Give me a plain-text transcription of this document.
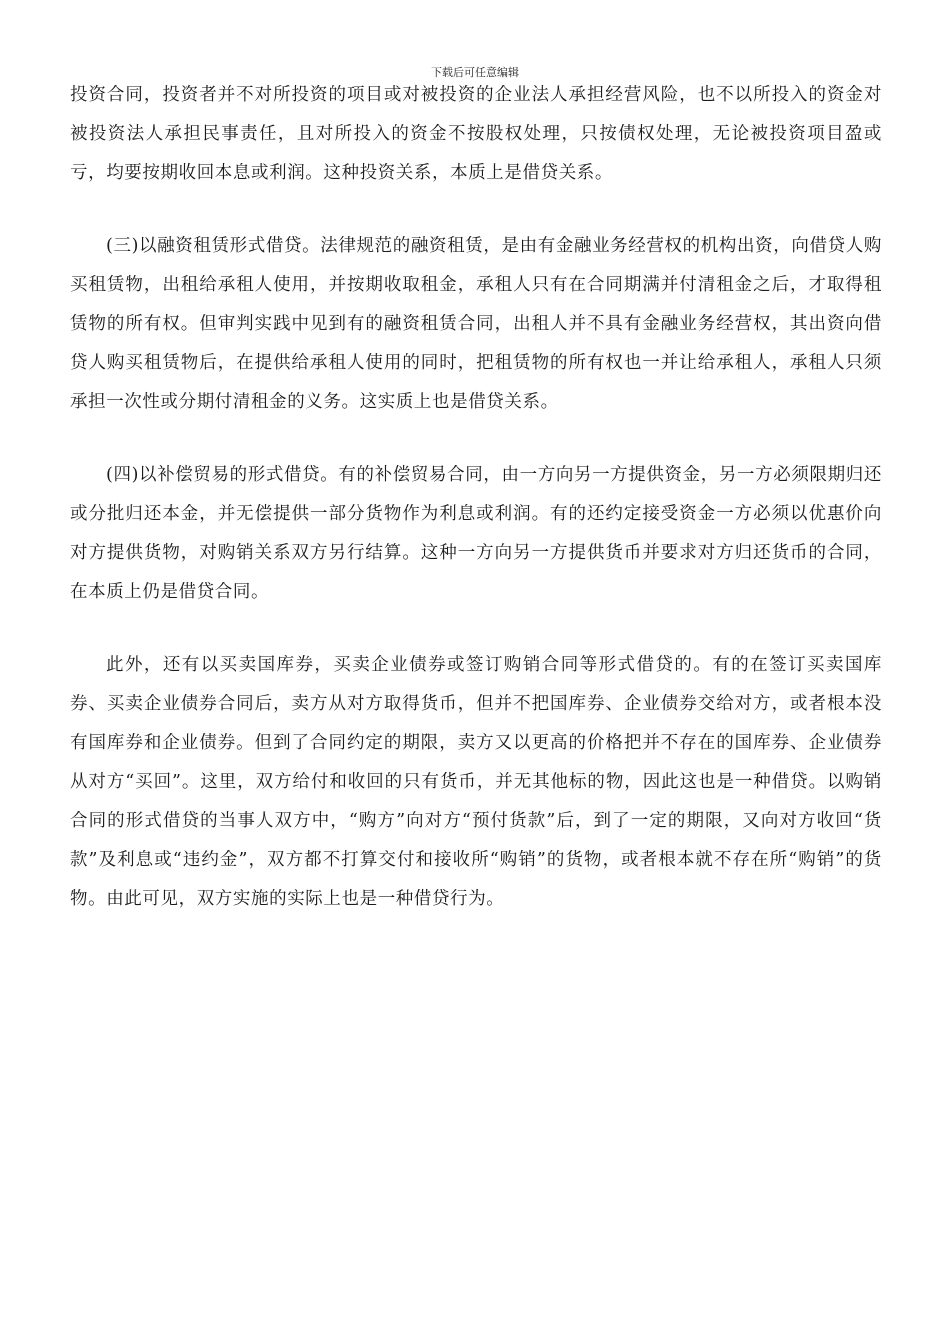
下载后可任意编辑

投资合同，投资者并不对所投资的项目或对被投资的企业法人承担经营风险，也不以所投入的资金对被投资法人承担民事责任，且对所投入的资金不按股权处理，只按债权处理，无论被投资项目盈或亏，均要按期收回本息或利润。这种投资关系，本质上是借贷关系。

(三)以融资租赁形式借贷。法律规范的融资租赁，是由有金融业务经营权的机构出资，向借贷人购买租赁物，出租给承租人使用，并按期收取租金，承租人只有在合同期满并付清租金之后，才取得租赁物的所有权。但审判实践中见到有的融资租赁合同，出租人并不具有金融业务经营权，其出资向借贷人购买租赁物后，在提供给承租人使用的同时，把租赁物的所有权也一并让给承租人，承租人只须承担一次性或分期付清租金的义务。这实质上也是借贷关系。

(四)以补偿贸易的形式借贷。有的补偿贸易合同，由一方向另一方提供资金，另一方必须限期归还或分批归还本金，并无偿提供一部分货物作为利息或利润。有的还约定接受资金一方必须以优惠价向对方提供货物，对购销关系双方另行结算。这种一方向另一方提供货币并要求对方归还货币的合同，在本质上仍是借贷合同。

此外，还有以买卖国库券，买卖企业债券或签订购销合同等形式借贷的。有的在签订买卖国库券、买卖企业债券合同后，卖方从对方取得货币，但并不把国库券、企业债券交给对方，或者根本没有国库券和企业债券。但到了合同约定的期限，卖方又以更高的价格把并不存在的国库券、企业债券从对方“买回”。这里，双方给付和收回的只有货币，并无其他标的物，因此这也是一种借贷。以购销合同的形式借贷的当事人双方中，“购方”向对方“预付货款”后，到了一定的期限，又向对方收回“货款”及利息或“违约金”，双方都不打算交付和接收所“购销”的货物，或者根本就不存在所“购销”的货物。由此可见，双方实施的实际上也是一种借贷行为。
